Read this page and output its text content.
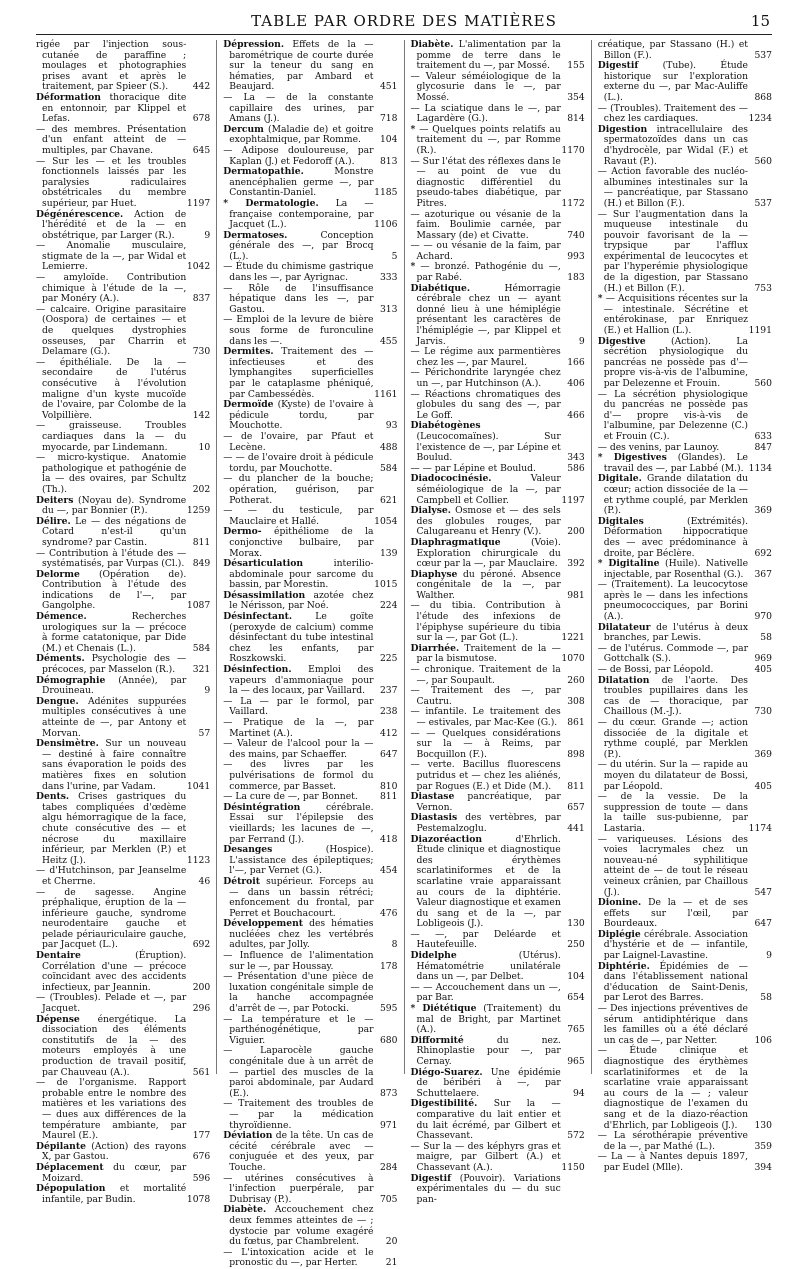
TABLE PAR ORDRE DES MATIÈRES	15
rigée par l'injection sous-cutanée de paraffine ; moulages et photographies prises avant et après le traitement, par Spieer (S.).	442
Déformation thoracique dite en entonnoir, par Klippel et Lefas.	678
— des membres. Présentation d'un enfant atteint de — multiples, par Chavane.	645
— Sur les — et les troubles fonctionnels laissés par les paralysies radiculaires obstétricales du membre supérieur, par Huet.	1197
Dégénérescence. Action de l'hérédité et de la — en obstétrique, par Larger (R.).	9
— Anomalie musculaire, stigmate de la —, par Widal et Lemierre.	1042
— amyloïde. Contribution chimique à l'étude de la —, par Monéry (A.).	837
— calcaire. Origine parasitaire (Oospora) de certaines — et de quelques dystrophies osseuses, par Charrin et Delamare (G.).	730
— épithéliale. De la — secondaire de l'utérus consécutive à l'évolution maligne d'un kyste mucoïde de l'ovaire, par Colombe de la Volpillière.	142
— graisseuse. Troubles cardiaques dans la — du myocarde, par Lindemann.	10
— micro-kystique. Anatomie pathologique et pathogénie de la — des ovaires, par Schultz (Th.).	202
Deiters (Noyau de). Syndrome du —, par Bonnier (P.).	1259
Délire. Le — des négations de Cotard n'est-il qu'un syndrome? par Castin.	811
— Contribution à l'étude des — systématisés, par Vurpas (Cl.). 849
Delorme (Opération de). Contribution à l'étude des indications de l'—, par Gangolphe.	1087
Démence.	Recherches urologiques sur la — précoce à forme catatonique, par Dide (M.) et Chenais (L.).	584
Déments. Psychologie des — précoces, par Masselon (R.). 321
Démographie (Année), par Drouineau.	9
Dengue. Adénites suppurées multiples consécutives à une atteinte de —, par Antony et Morvan.	57
Densimètre. Sur un nouveau — destiné à faire connaître sans évaporation le poids des matières fixes en solution dans l'urine, par Vadam.	1041
Dents. Crises gastriques du tabes compliquées d'œdème algu hémorragique de la face, chute consécutive des — et nécrose du maxillaire inférieur, par Merklen (P.) et Heitz (J.).	1123
— d'Hutchinson, par Jeanselme et Cherrne.	46
— de sagesse. Angine préphalique, éruption de la — inférieure gauche, syndrome neurodentaire gauche et pelade périauriculaire gauche, par Jacquet (L.).	692
Dentaire	(Éruption). Corrélation d'une — précoce coïncidant avec des accidents infectieux, par Jeannin.	200
— (Troubles). Pelade et —, par Jacquet.	296
Dépense énergétique. La dissociation des éléments constitutifs de la — des moteurs employés à une production de travail positif, par Chauveau (A.).	561
— de l'organisme. Rapport probable entre le nombre des matières et les variations des — dues aux différences de la température ambiante, par Maurel (E.).	177
Dépilante (Action) des rayons X, par Gastou.	676
Déplacement du cœur, par Moizard.	596
Dépopulation et mortalité infantile, par Budin.	1078
Dépression. Effets de la — barométrique de courte durée sur la teneur du sang en hématies, par Ambard et Beaujard.	451
— La — de la constante capillaire des urines, par Amans (J.).	718
Dercum (Maladie de) et goitre exophtalmique, par Romme. 104
— Adipose douloureuse, par Kaplan (J.) et Fedoroff (A.).	813
Dermatopathie.	Monstre anencéphalien germe —, par Constantin-Daniel.	1185
* Dermatologie. La — française contemporaine, par Jacquet (L.).	1106
Dermatoses.	Conception générale des —, par Brocq (L.).	5
— Étude du chimisme gastrique dans les —, par Ayrignac.	333
— Rôle de l'insuffisance hépatique dans les —, par Gastou.	313
— Emploi de la levure de bière sous forme de furonculine dans les —.	455
Dermites. Traitement des — infectieuses et des lymphangites superficielles par le cataplasme phéniqué, par Cambessédès.	1161
Dermoïde (Kyste) de l'ovaire à pédicule tordu, par Mouchotte.	93
— de l'ovaire, par Pfaut et Lecène.	488
— — de l'ovaire droit à pédicule tordu, par Mouchotte.	584
— du plancher de la bouche; opération, guérison, par Potherat.	621
— — du testicule, par Mauclaire et Hallé.	1054
Dermo- épithéliome de la conjonctive bulbaire, par Morax.	139
Désarticulation	interilio-abdominale pour sarcome du bassin, par Morestin.	1015
Désassimilation azotée chez le Nérisson, par Noé.	224
Désinfectant.	Le goïte (peroxyde de calcium) comme désinfectant du tube intestinal chez les enfants, par Roszkowski.	225
Désinfection. Emploi des vapeurs d'ammoniaque pour la — des locaux, par Vaillard. 237
— La — par le formol, par Vaillard.	238
— Pratique de la —, par Martinet (A.).	412
— Valeur de l'alcool pour la — des mains, par Schaeffer.	647
— des livres par les pulvérisations de formol du commerce, par Basset.	810
— La cure de —, par Bonnet. 811
Désintégration	cérébrale. Essai sur l'épilepsie des vieillards; les lacunes de —, par Ferrand (J.).	418
Desanges	(Hospice). L'assistance des épileptiques; l'—, par Vernet (G.).	454
Détroit supérieur. Forceps au — dans un bassin rétréci; enfoncement du frontal, par Perret et Bouchacourt.	476
Développement des hématies nucléées chez les vertébrés adultes, par Jolly.	8
— Influence de l'alimentation sur le —, par Houssay.	178
— Présentation d'une pièce de luxation congénitale simple de la hanche accompagnée d'arrêt de —, par Potocki.	595
— La température et le — parthénogénétique, par Viguier.	680
— Laparocèle gauche congénitale due à un arrêt de — partiel des muscles de la paroi abdominale, par Audard (E.).	873
— Traitement des troubles de — par la médication thyroïdienne.	971
Déviation de la tête. Un cas de cécité cérébrale avec — conjuguée et des yeux, par Touche.	284
— utérines consécutives à l'infection puerpérale, par Dubrisay (P.).	705
Diabète. Accouchement chez deux femmes atteintes de — ; dystocie par volume exagéré du fœtus, par Chambrelent.	20
— L'intoxication acide et le pronostic du —, par Herter.	21
Diabète. L'alimentation par la pomme de terre dans le traitement du —, par Mossé. 155
— Valeur séméiologique de la glycosurie dans le —, par Mossé.	354
— La sciatique dans le —, par Lagardère (G.).	814
* — Quelques points relatifs au traitement du —, par Romme (R.).	1170
— Sur l'état des réflexes dans le — au point de vue du diagnostic différentiel du pseudo-tabes diabétique, par Pitres.	1172
— azoturique ou vésanie de la faim. Boulimie carnée, par Massary (de) et Civatte.	740
— — ou vésanie de la faim, par Achard.	993
* — bronzé. Pathogénie du —, par Rabé.	183
Diabétique.	Hémorragie cérébrale chez un — ayant donné lieu à une hémiplégie présentant les caractères de l'hémiplégie —, par Klippel et Jarvis.	9
— Le régime aux parmentières chez les —, par Maurel.	166
— Périchondrite laryngée chez un —, par Hutchinson (A.).	406
— Réactions chromatiques des globules du sang des —, par Le Goff.	466
Diabétogènes (Leucocomaïnes). Sur l'existence de —, par Lépine et Boulud.	343
— — par Lépine et Boulud.	586
Diadococinésie.	Valeur séméiologique de la —, par Campbell et Collier.	1197
Dialyse. Osmose et — des sels des globules rouges, par Calugareanu et Henry (V.).	200
Diaphragmatique	(Voie). Exploration chirurgicale du cœur par la —, par Mauclaire. 392
Diaphyse du péroné. Absence congénitale de la —, par Walther.	981
— du tibia. Contribution à l'étude des infexions de l'épiphyse supérieure du tibia sur la —, par Got (L.).	1221
Diarrhée. Traitement de la — par la bismutose.	1070
— chronique. Traitement de la —, par Soupault.	260
— Traitement des —, par Cautru.	308
— infantile. Le traitement des — estivales, par Mac-Kee (G.). 861
— — Quelques considérations sur la — à Reims, par Bocquillon (F.).	898
— verte. Bacillus fluorescens putridus et — chez les aliénés, par Rogues (E.) et Dide (M.). 811
Diastase pancréatique, par Vernon.	657
Diastasis des vertèbres, par Pestemalzoglu.	441
Diazoréaction	d'Ehrlich. Étude clinique et diagnostique des érythèmes scarlatiniformes et de la scarlatine vraie apparaissant au cours de la diphtérie. Valeur diagnostique et examen du sang et de la —, par Lobligeois (J.).	130
— —, par Deléarde et Hautefeuille.	250
Didelphe	(Utérus). Hématométrie unilatérale dans un —, par Delbet.	104
— — Accouchement dans un —, par Bar.	654
* Diététique (Traitement) du mal de Bright, par Martinet (A.).	765
Difformité	du nez. Rhinoplastie pour —, par Cernay.	965
Diégo-Suarez. Une épidémie de béribéri à —, par Schuttelaere.	94
Digestibilité. Sur la — comparative du lait entier et du lait écrémé, par Gilbert et Chassevant.	572
— Sur la — des képhyrs gras et maigre, par Gilbert (A.) et Chassevant (A.).	1150
Digestif (Pouvoir). Variations expérimentales du — du suc pan-
créatique, par Stassano (H.) et Billon (F.).	537
Digestif	(Tube). Étude historique sur l'exploration externe du —, par Mac-Auliffe (L.).	868
— (Troubles). Traitement des — chez les cardiaques.	1234
Digestion intracellulaire des spermatozoïdes dans un cas d'hydrocèle, par Widal (F.) et Ravaut (P.).	560
— Action favorable des nucléo-albumines intestinales sur la — pancréatique, par Stassano (H.) et Billon (F.).	537
— Sur l'augmentation dans la muqueuse intestinale du pouvoir favorisant de la — trypsique par l'afflux expérimental de leucocytes et par l'hyperémie physiologique de la digestion, par Stassano (H.) et Billon (F.).	753
* — Acquisitions récentes sur la — intestinale. Sécrétine et entérokinase, par Enriquez (E.) et Hallion (L.).	1191
Digestive	(Action). La sécrétion physiologique du pancréas ne possède pas d'— propre vis-à-vis de l'albumine, par Delezenne et Frouin.	560
— La sécrétion physiologique du pancréas ne possède pas d'— propre vis-à-vis de l'albumine, par Delezenne (C.) et Frouin (C.).	633
— des venins, par Launoy.	847
* Digestives (Glandes). Le travail des —, par Labbé (M.). 1134
Digitale. Grande dilatation du cœur; action dissociée de la — et rythme couplé, par Merklen (P.).	369
Digitales	(Extrémités). Déformation hippocratique des — avec prédominance à droite, par Béclère.	692
* Digitaline (Huile). Nativelle injectable, par Rosenthal (G.). 367
— (Traitement). La leucocytose après le — dans les infections pneumococciques, par Borini (A.).	970
Dilatateur de l'utérus à deux branches, par Lewis.	58
— de l'utérus. Commode —, par Gottchalk (S.).	969
— de Bossi, par Léopold.	405
Dilatation de l'aorte. Des troubles pupillaires dans les cas de — thoracique, par Chaillous (M.-J.).	730
— du cœur. Grande —; action dissociée de la digitale et rythme couplé, par Merklen (P.).	369
— du utérin. Sur la — rapide au moyen du dilatateur de Bossi, par Léopold.	405
— de la vessie. De la suppression de toute — dans la taille sus-pubienne, par Lastaria.	1174
— variqueuses. Lésions des voies lacrymales chez un nouveau-né syphilitique atteint de — de tout le réseau veineux crânien, par Chaillous (J.).	547
Dionine. De la — et de ses effets sur l'œil, par Bourdeaux.	647
Diplégie cérébrale. Association d'hystérie et de — infantile, par Laignel-Lavastine.	9
Diphtérie. Épidémies de — dans l'établissement national d'éducation de Saint-Denis, par Lerot des Barres.	58
— Des injections préventives de sérum antidiphtérique dans les familles où a été déclaré un cas de —, par Netter.	106
— Étude clinique et diagnostique des érythèmes scarlatiniformes et de la scarlatine vraie apparaissant au cours de la — ; valeur diagnostique de l'examen du sang et de la diazo-réaction d'Ehrlich, par Lobligeois (J.). 130
— La sérothérapie préventive de la —, par Mathé (L.).	359
— La — à Nantes depuis 1897, par Eudel (Mlle).	394
